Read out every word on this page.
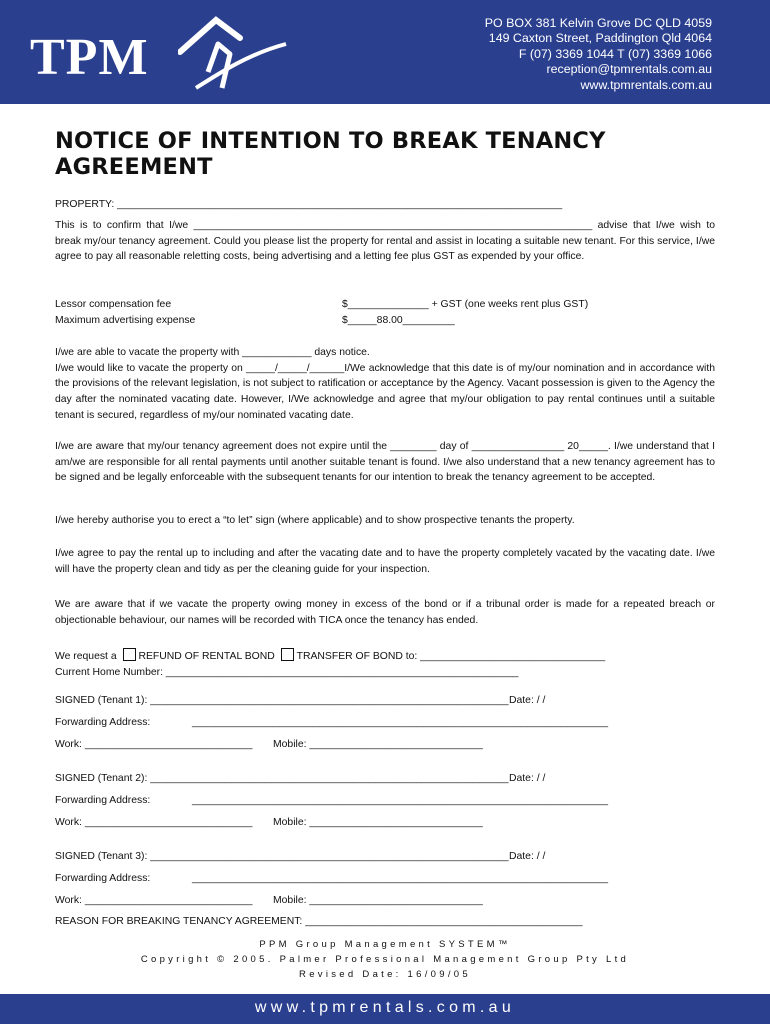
TPM
PO BOX 381 Kelvin Grove DC QLD 4059
149 Caxton Street, Paddington Qld 4064
F (07) 3369 1044 T (07) 3369 1066
reception@tpmrentals.com.au
www.tpmrentals.com.au
NOTICE OF INTENTION TO BREAK TENANCY AGREEMENT
PROPERTY: _____________________________________________________________________________
This is to confirm that I/we _____________________________________________________________________ advise that I/we wish to break my/our tenancy agreement. Could you please list the property for rental and assist in locating a suitable new tenant. For this service, I/we agree to pay all reasonable reletting costs, being advertising and a letting fee plus GST as expended by your office.
Lessor compensation fee	$______________ + GST (one weeks rent plus GST)
Maximum advertising expense	$_____88.00_________
I/we are able to vacate the property with ____________ days notice.
I/we would like to vacate the property on _____/_____/______I/We acknowledge that this date is of my/our nomination and in accordance with the provisions of the relevant legislation, is not subject to ratification or acceptance by the Agency. Vacant possession is given to the Agency the day after the nominated vacating date. However, I/We acknowledge and agree that my/our obligation to pay rental continues until a suitable tenant is secured, regardless of my/our nominated vacating date.
I/we are aware that my/our tenancy agreement does not expire until the ________ day of ________________ 20_____. I/we understand that I am/we are responsible for all rental payments until another suitable tenant is found. I/we also understand that a new tenancy agreement has to be signed and be legally enforceable with the subsequent tenants for our intention to break the tenancy agreement to be accepted.
I/we hereby authorise you to erect a “to let” sign (where applicable) and to show prospective tenants the property.
I/we agree to pay the rental up to including and after the vacating date and to have the property completely vacated by the vacating date. I/we will have the property clean and tidy as per the cleaning guide for your inspection.
We are aware that if we vacate the property owing money in excess of the bond or if a tribunal order is made for a repeated breach or objectionable behaviour, our names will be recorded with TICA once the tenancy has ended.
We request a REFUND OF RENTAL BOND TRANSFER OF BOND to: ________________________________
Current Home Number: _____________________________________________________________
SIGNED (Tenant 1): ______________________________________________________________ Date: / /
Forwarding Address:	________________________________________________________________________
Work: _____________________________	Mobile: ______________________________
SIGNED (Tenant 2): ______________________________________________________________ Date: / /
Forwarding Address:	________________________________________________________________________
Work: _____________________________	Mobile: ______________________________
SIGNED (Tenant 3): ______________________________________________________________ Date: / /
Forwarding Address:	________________________________________________________________________
Work: _____________________________	Mobile: ______________________________
REASON FOR BREAKING TENANCY AGREEMENT: ________________________________________________
PPM Group Management SYSTEM™
Copyright © 2005. Palmer Professional Management Group Pty Ltd
Revised Date: 16/09/05
www.tpmrentals.com.au
